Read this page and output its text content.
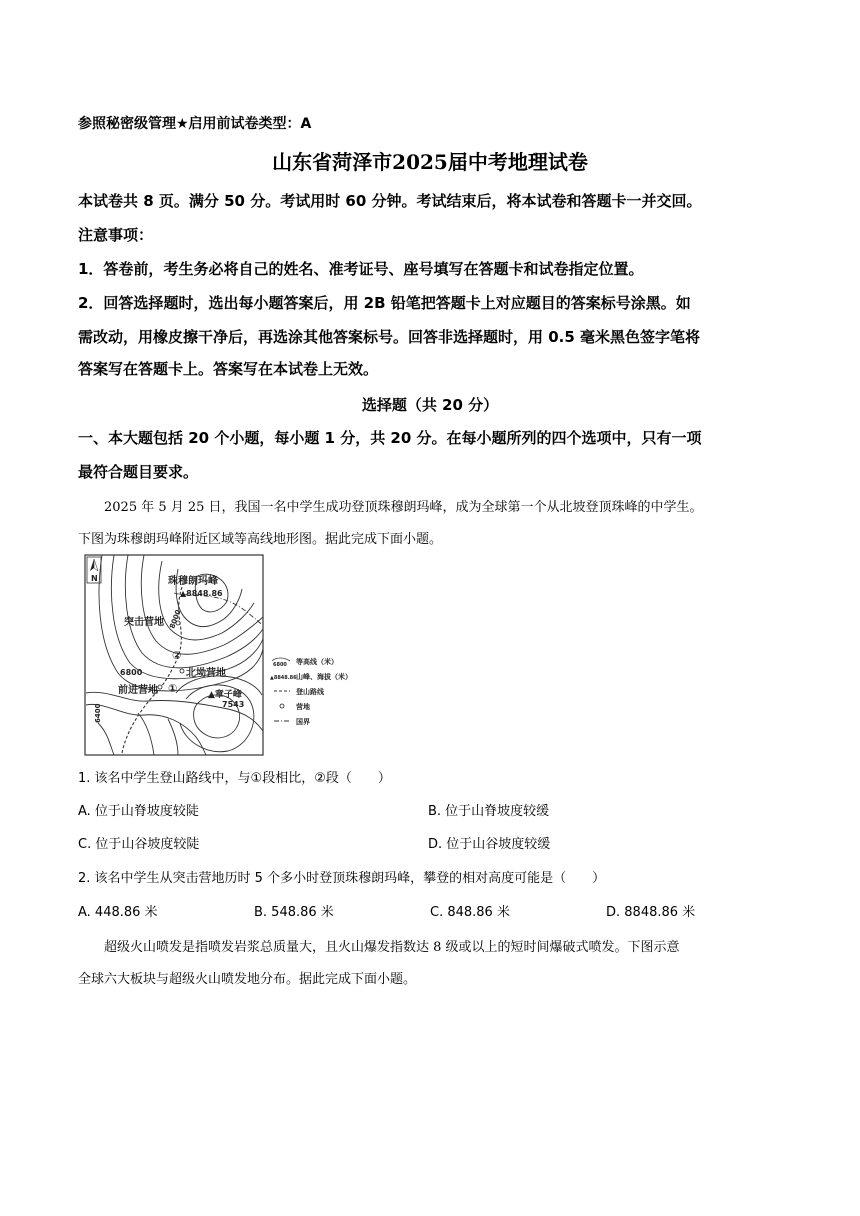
参照秘密级管理★启用前试卷类型：A
山东省菏泽市2025届中考地理试卷
本试卷共 8 页。满分 50 分。考试用时 60 分钟。考试结束后，将本试卷和答题卡一并交回。
注意事项：
1．答卷前，考生务必将自己的姓名、准考证号、座号填写在答题卡和试卷指定位置。
2．回答选择题时，选出每小题答案后，用 2B 铅笔把答题卡上对应题目的答案标号涂黑。如
需改动，用橡皮擦干净后，再选涂其他答案标号。回答非选择题时，用 0.5 毫米黑色签字笔将
答案写在答题卡上。答案写在本试卷上无效。
选择题（共 20 分）
一、本大题包括 20 个小题，每小题 1 分，共 20 分。在每小题所列的四个选项中，只有一项
最符合题目要求。
2025 年 5 月 25 日，我国一名中学生成功登顶珠穆朗玛峰，成为全球第一个从北坡登顶珠峰的中学生。
下图为珠穆朗玛峰附近区域等高线地形图。据此完成下面小题。
N	珠穆朗玛峰
▲8848.86
8000
突击营地
②
北坳营地
6800
前进营地 ①	▲章子峰
7543
6400
6800 等高线（米）
▲8848.86 山峰、海拔（米）
登山路线
营地
国界
1. 该名中学生登山路线中，与①段相比，②段（　　）
A. 位于山脊坡度较陡	B. 位于山脊坡度较缓
C. 位于山谷坡度较陡	D. 位于山谷坡度较缓
2. 该名中学生从突击营地历时 5 个多小时登顶珠穆朗玛峰，攀登的相对高度可能是（　　）
A. 448.86 米	B. 548.86 米	C. 848.86 米	D. 8848.86 米
超级火山喷发是指喷发岩浆总质量大，且火山爆发指数达 8 级或以上的短时间爆破式喷发。下图示意
全球六大板块与超级火山喷发地分布。据此完成下面小题。
